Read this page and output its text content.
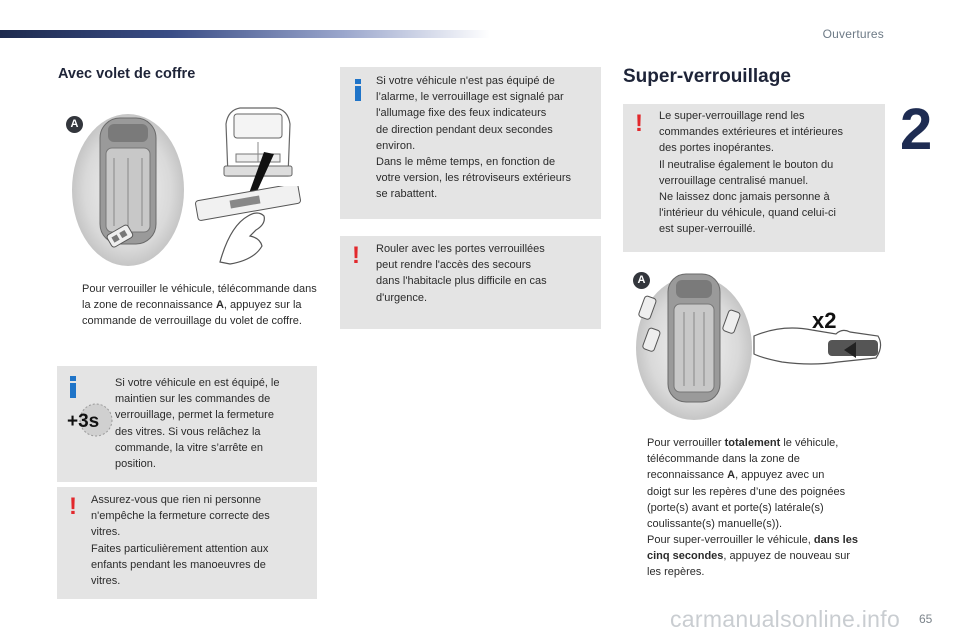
Ouvertures
2
Avec volet de coffre
A
Pour verrouiller le véhicule, télécommande dans la zone de reconnaissance A, appuyez sur la commande de verrouillage du volet de coffre.
+3s
Si votre véhicule en est équipé, le
maintien sur les commandes de
verrouillage, permet la fermeture
des vitres. Si vous relâchez la
commande, la vitre s’arrête en
position.
! Assurez-vous que rien ni personne
n'empêche la fermeture correcte des
vitres.
Faites particulièrement attention aux
enfants pendant les manoeuvres de
vitres.
Si votre véhicule n'est pas équipé de
l’alarme, le verrouillage est signalé par
l'allumage fixe des feux indicateurs
de direction pendant deux secondes
environ.
Dans le même temps, en fonction de
votre version, les rétroviseurs extérieurs
se rabattent.
! Rouler avec les portes verrouillées
peut rendre l'accès des secours
dans l'habitacle plus difficile en cas
d'urgence.
Super-verrouillage
! Le super-verrouillage rend les
commandes extérieures et intérieures
des portes inopérantes.
Il neutralise également le bouton du
verrouillage centralisé manuel.
Ne laissez donc jamais personne à
l'intérieur du véhicule, quand celui-ci
est super-verrouillé.
A
x2
Pour verrouiller totalement le véhicule,
télécommande dans la zone de
reconnaissance A, appuyez avec un
doigt sur les repères d’une des poignées
(porte(s) avant et porte(s) latérale(s)
coulissante(s) manuelle(s)).
Pour super-verrouiller le véhicule, dans les
cinq secondes, appuyez de nouveau sur
les repères.
carmanualsonline.info 65
